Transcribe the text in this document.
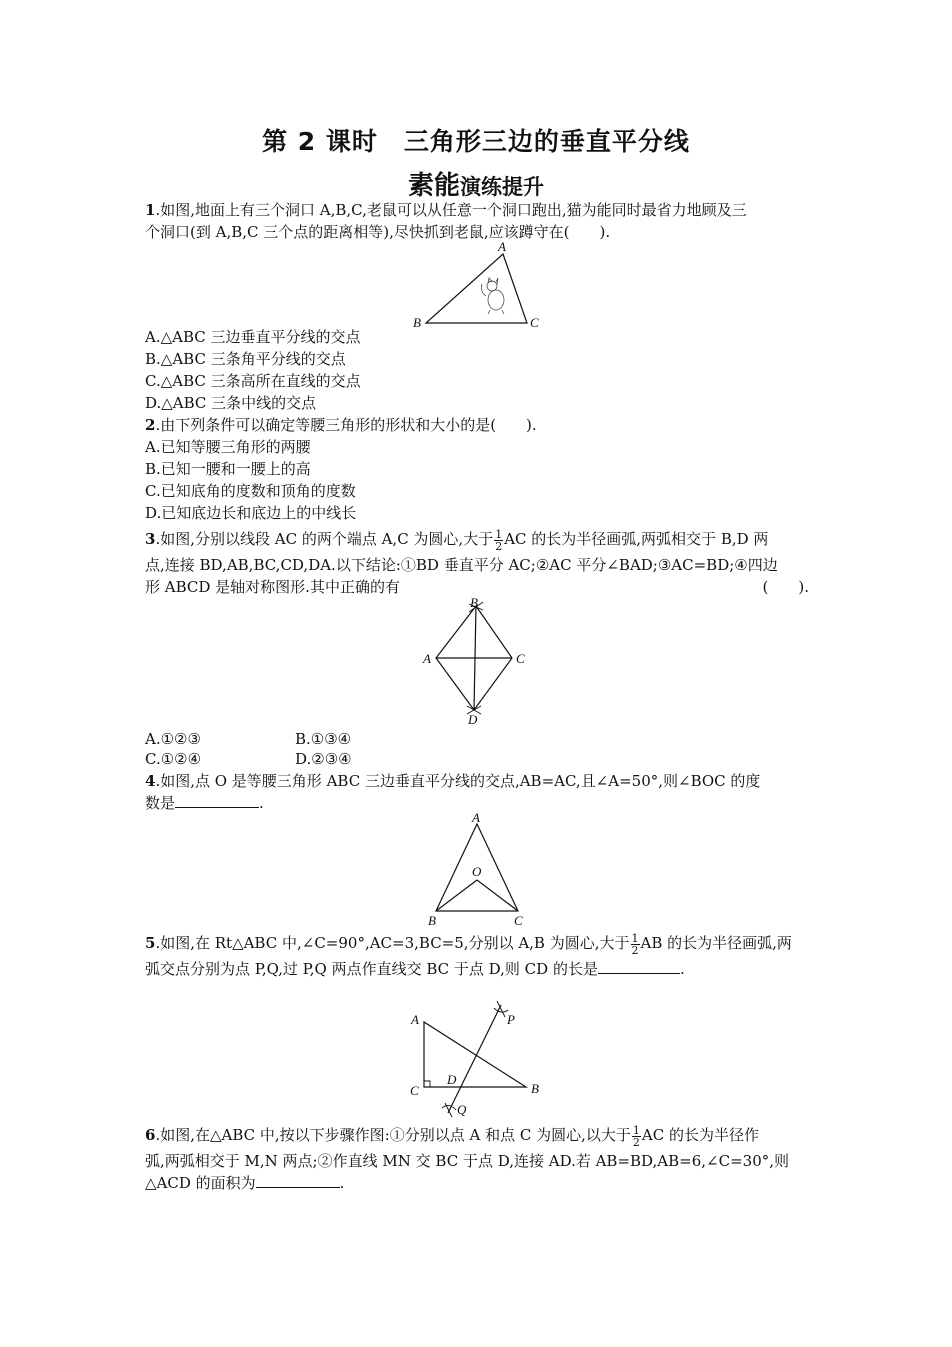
第 2 课时　三角形三边的垂直平分线
素能演练提升
1.如图,地面上有三个洞口 A,B,C,老鼠可以从任意一个洞口跑出,猫为能同时最省力地顾及三
个洞口(到 A,B,C 三个点的距离相等),尽快抓到老鼠,应该蹲守在(　　).
A
B	C
A.△ABC 三边垂直平分线的交点
B.△ABC 三条角平分线的交点
C.△ABC 三条高所在直线的交点
D.△ABC 三条中线的交点
2.由下列条件可以确定等腰三角形的形状和大小的是(　　).
A.已知等腰三角形的两腰
B.已知一腰和一腰上的高
C.已知底角的度数和顶角的度数
D.已知底边长和底边上的中线长
3.如图,分别以线段 AC 的两个端点 A,C 为圆心,大于 $\frac{1}{2}$ AC 的长为半径画弧,两弧相交于 B,D 两
点,连接 BD,AB,BC,CD,DA.以下结论:①BD 垂直平分 AC;②AC 平分∠BAD;③AC=BD;④四边
形 ABCD 是轴对称图形.其中正确的有	(　　).
B
A	C
D
A.①②③	B.①③④
C.①②④	D.②③④
4.如图,点 O 是等腰三角形 ABC 三边垂直平分线的交点,AB=AC,且∠A=50°,则∠BOC 的度
数是	.
A
O
B	C
5.如图,在 Rt△ABC 中,∠C=90°,AC=3,BC=5,分别以 A,B 为圆心,大于 $\frac{1}{2}$ AB 的长为半径画弧,两
弧交点分别为点 P,Q,过 P,Q 两点作直线交 BC 于点 D,则 CD 的长是	.
A	P
C
D
B
Q
6.如图,在△ABC 中,按以下步骤作图:①分别以点 A 和点 C 为圆心,以大于 $\frac{1}{2}$ AC 的长为半径作
弧,两弧相交于 M,N 两点;②作直线 MN 交 BC 于点 D,连接 AD.若 AB=BD,AB=6,∠C=30°,则
△ACD 的面积为	.
